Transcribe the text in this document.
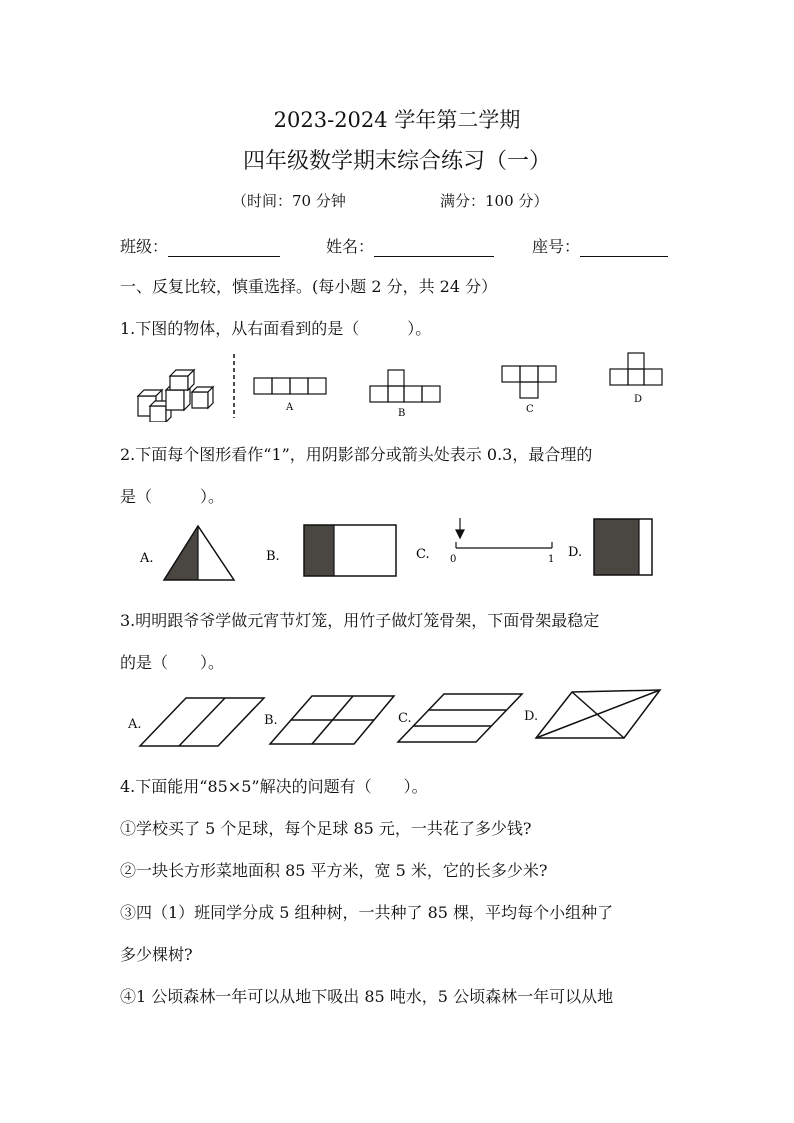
2023-2024 学年第二学期
四年级数学期末综合练习（一）
（时间：70 分钟	满分：100 分）
班级：	姓名：	座号：
一、反复比较，慎重选择。(每小题 2 分，共 24 分）
1.下图的物体，从右面看到的是（　　　）。
A
B	C
D
2.下面每个图形看作“1”，用阴影部分或箭头处表示 0.3，最合理的
是（　　　）。
A.	B.	C. 0	1 D.
3.明明跟爷爷学做元宵节灯笼，用竹子做灯笼骨架，下面骨架最稳定
的是（　　）。
A.	B.	C.	D.
4.下面能用“85×5”解决的问题有（　　）。
①学校买了 5 个足球，每个足球 85 元，一共花了多少钱?
②一块长方形菜地面积 85 平方米，宽 5 米，它的长多少米?
③四（1）班同学分成 5 组种树，一共种了 85 棵，平均每个小组种了
多少棵树?
④1 公顷森林一年可以从地下吸出 85 吨水，5 公顷森林一年可以从地
